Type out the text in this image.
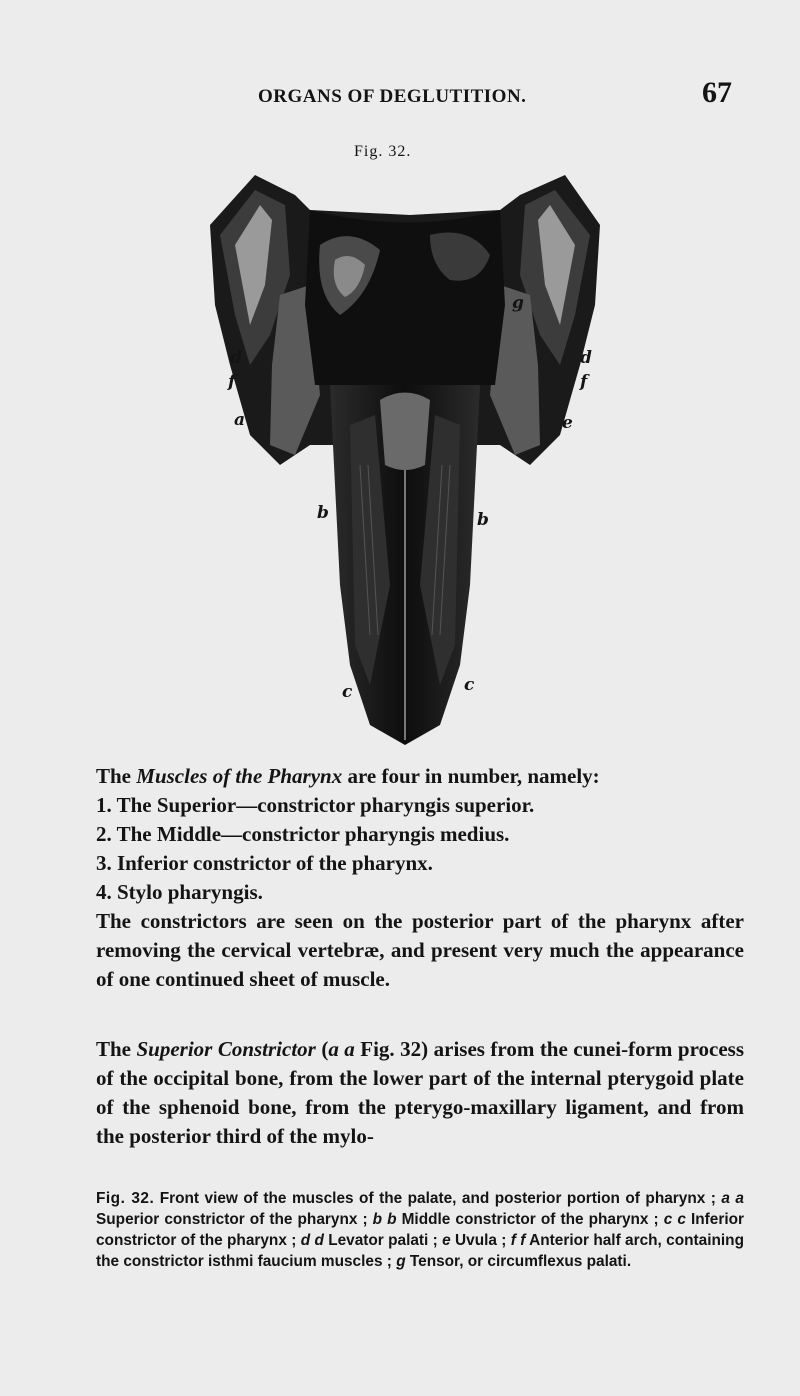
ORGANS OF DEGLUTITION.	67
Fig. 32.
d
f
a
g
d
f
e
b	b
c	c
The Muscles of the Pharynx are four in number, namely:
1. The Superior—constrictor pharyngis superior.
2. The Middle—constrictor pharyngis medius.
3. Inferior constrictor of the pharynx.
4. Stylo pharyngis.
The constrictors are seen on the posterior part of the pharynx after removing the cervical vertebræ, and present very much the appearance of one continued sheet of muscle.
The Superior Constrictor (a a Fig. 32) arises from the cunei-form process of the occipital bone, from the lower part of the internal pterygoid plate of the sphenoid bone, from the pterygo-maxillary ligament, and from the posterior third of the mylo-
Fig. 32. Front view of the muscles of the palate, and posterior portion of pharynx ; a a Superior constrictor of the pharynx ; b b Middle constrictor of the pharynx ; c c Inferior constrictor of the pharynx ; d d Levator palati ; e Uvula ; f f Anterior half arch, containing the constrictor isthmi faucium muscles ; g Tensor, or circumflexus palati.
